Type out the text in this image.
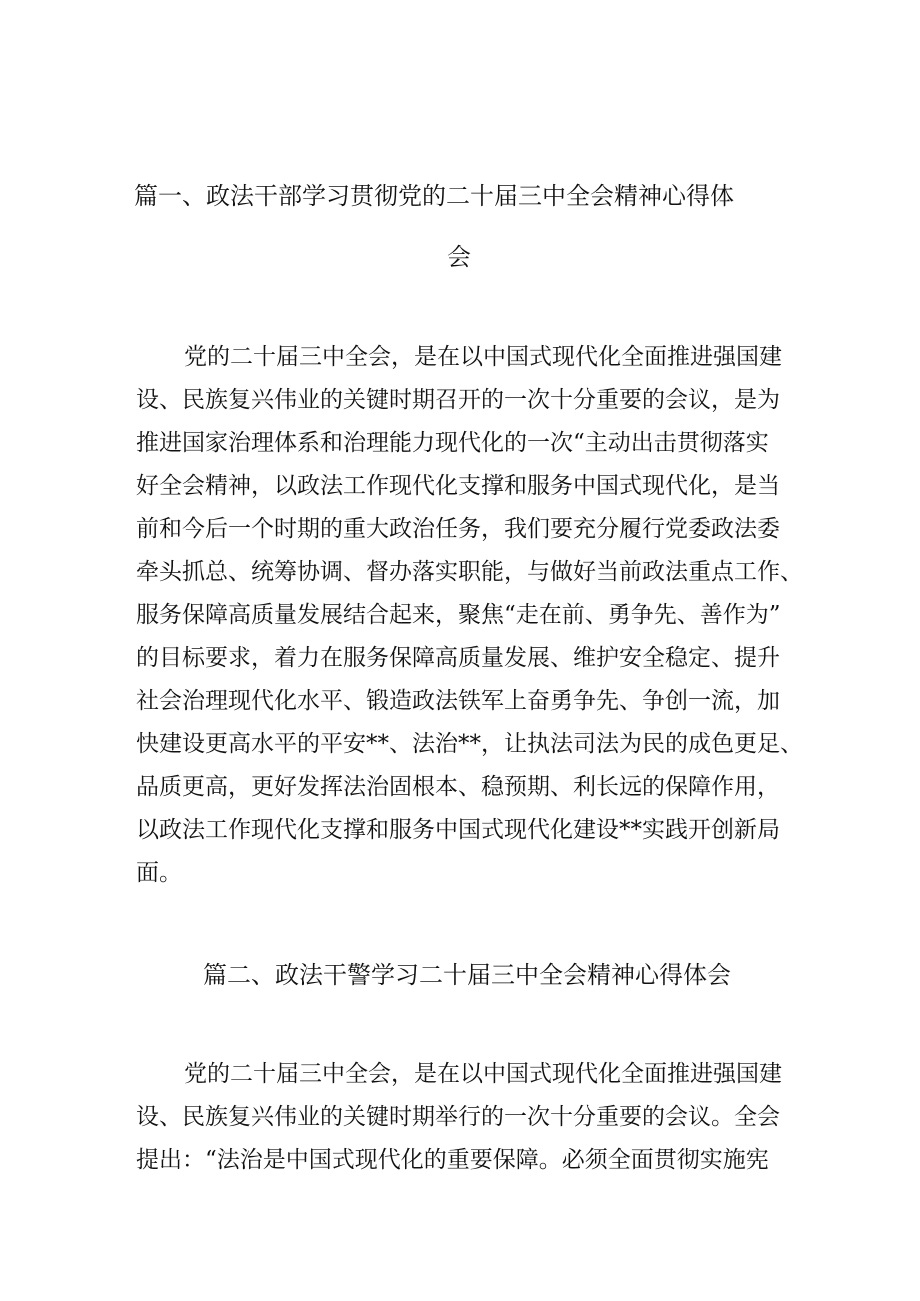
篇一、政法干部学习贯彻党的二十届三中全会精神心得体
会
党的二十届三中全会，是在以中国式现代化全面推进强国建
设、民族复兴伟业的关键时期召开的一次十分重要的会议，是为
推进国家治理体系和治理能力现代化的一次“主动出击贯彻落实
好全会精神，以政法工作现代化支撑和服务中国式现代化，是当
前和今后一个时期的重大政治任务，我们要充分履行党委政法委
牵头抓总、统筹协调、督办落实职能，与做好当前政法重点工作、
服务保障高质量发展结合起来，聚焦“走在前、勇争先、善作为”
的目标要求，着力在服务保障高质量发展、维护安全稳定、提升
社会治理现代化水平、锻造政法铁军上奋勇争先、争创一流，加
快建设更高水平的平安**、法治**，让执法司法为民的成色更足、
品质更高，更好发挥法治固根本、稳预期、利长远的保障作用，
以政法工作现代化支撑和服务中国式现代化建设**实践开创新局
面。
篇二、政法干警学习二十届三中全会精神心得体会
党的二十届三中全会，是在以中国式现代化全面推进强国建
设、民族复兴伟业的关键时期举行的一次十分重要的会议。全会
提出：“法治是中国式现代化的重要保障。必须全面贯彻实施宪
